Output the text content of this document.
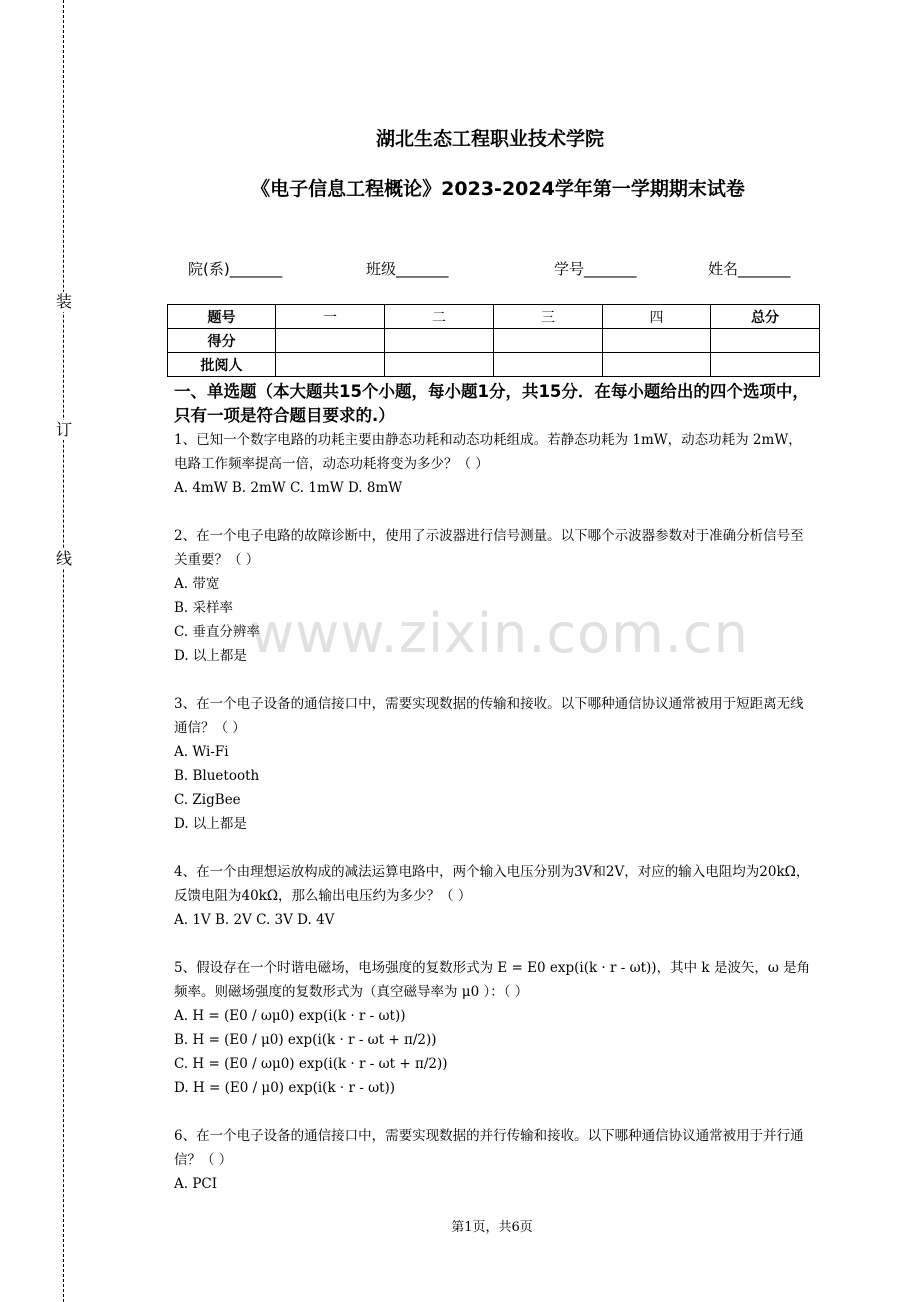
装
订
线
湖北生态工程职业技术学院
《电子信息工程概论》2023-2024学年第一学期期末试卷
院(系)_______	班级_______	学号_______	姓名_______
题号	一	二	三	四	总分
得分					
批阅人					

一、单选题（本大题共15个小题，每小题1分，共15分．在每小题给出的四个选项中，只有一项是符合题目要求的.）

1、已知一个数字电路的功耗主要由静态功耗和动态功耗组成。若静态功耗为 1mW，动态功耗为 2mW，电路工作频率提高一倍，动态功耗将变为多少？（ ）

A. 4mW B. 2mW C. 1mW D. 8mW

2、在一个电子电路的故障诊断中，使用了示波器进行信号测量。以下哪个示波器参数对于准确分析信号至关重要？（ ）

A. 带宽

B. 采样率

C. 垂直分辨率

D. 以上都是

3、在一个电子设备的通信接口中，需要实现数据的传输和接收。以下哪种通信协议通常被用于短距离无线通信？（ ）

A. Wi-Fi

B. Bluetooth

C. ZigBee

D. 以上都是

4、在一个由理想运放构成的减法运算电路中，两个输入电压分别为3V和2V，对应的输入电阻均为20kΩ，反馈电阻为40kΩ，那么输出电压约为多少？（ ）

A. 1V B. 2V C. 3V D. 4V

5、假设存在一个时谐电磁场，电场强度的复数形式为 E = E0 exp(i(k · r - ωt))，其中 k 是波矢，ω 是角频率。则磁场强度的复数形式为（真空磁导率为 μ0 ）：（ ）

A. H = (E0 / ωμ0) exp(i(k · r - ωt))

B. H = (E0 / μ0) exp(i(k · r - ωt + π/2))

C. H = (E0 / ωμ0) exp(i(k · r - ωt + π/2))

D. H = (E0 / μ0) exp(i(k · r - ωt))

6、在一个电子设备的通信接口中，需要实现数据的并行传输和接收。以下哪种通信协议通常被用于并行通信？（ ）

A. PCI

www.zixin.com.cn
第1页，共6页
